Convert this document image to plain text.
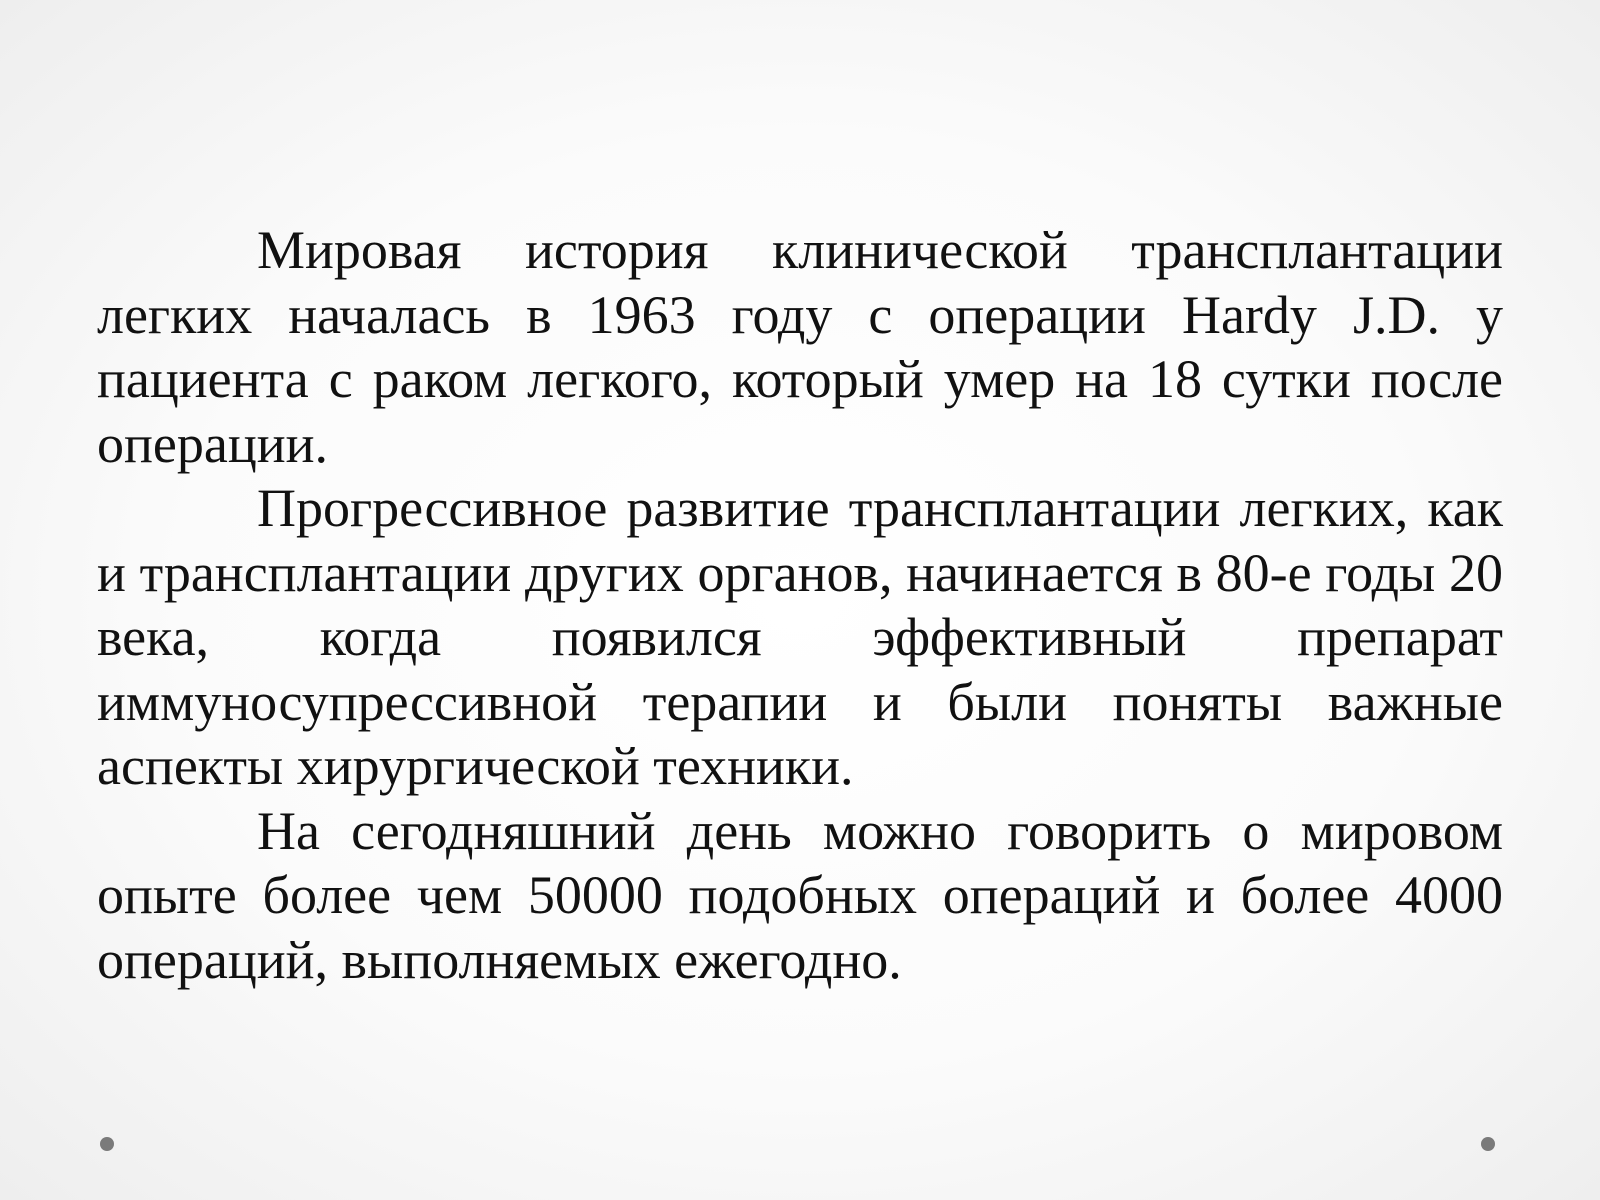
Мировая история клинической трансплантации легких началась в 1963 году с операции Hardy J.D. у пациента с раком легкого, который умер на 18 сутки после операции.

Прогрессивное развитие трансплантации легких, как и трансплантации других органов, начинается в 80-е годы 20 века, когда появился эффективный препарат иммуносупрессивной терапии и были поняты важные аспекты хирургической техники.

На сегодняшний день можно говорить о мировом опыте более чем 50000 подобных операций и более 4000 операций, выполняемых ежегодно.
